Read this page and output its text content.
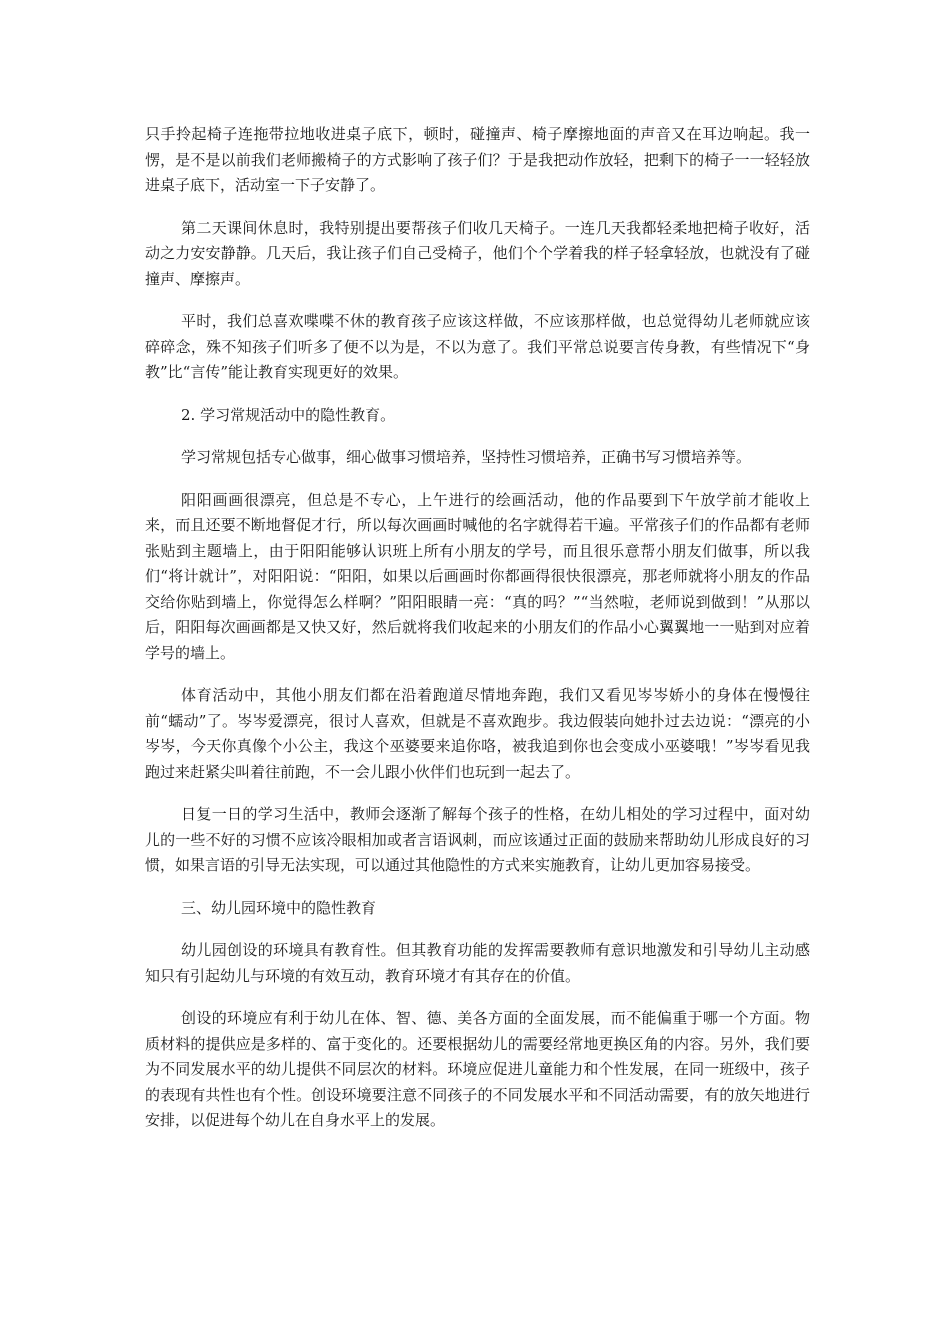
只手拎起椅子连拖带拉地收进桌子底下，顿时，碰撞声、椅子摩擦地面的声音又在耳边响起。我一愣，是不是以前我们老师搬椅子的方式影响了孩子们？于是我把动作放轻，把剩下的椅子一一轻轻放进桌子底下，活动室一下子安静了。

第二天课间休息时，我特别提出要帮孩子们收几天椅子。一连几天我都轻柔地把椅子收好，活动之力安安静静。几天后，我让孩子们自己受椅子，他们个个学着我的样子轻拿轻放，也就没有了碰撞声、摩擦声。

平时，我们总喜欢喋喋不休的教育孩子应该这样做，不应该那样做，也总觉得幼儿老师就应该碎碎念，殊不知孩子们听多了便不以为是，不以为意了。我们平常总说要言传身教，有些情况下“身教”比“言传”能让教育实现更好的效果。

2. 学习常规活动中的隐性教育。

学习常规包括专心做事，细心做事习惯培养，坚持性习惯培养，正确书写习惯培养等。

阳阳画画很漂亮，但总是不专心，上午进行的绘画活动，他的作品要到下午放学前才能收上来，而且还要不断地督促才行，所以每次画画时喊他的名字就得若干遍。平常孩子们的作品都有老师张贴到主题墙上，由于阳阳能够认识班上所有小朋友的学号，而且很乐意帮小朋友们做事，所以我们“将计就计”，对阳阳说：“阳阳，如果以后画画时你都画得很快很漂亮，那老师就将小朋友的作品交给你贴到墙上，你觉得怎么样啊？”阳阳眼睛一亮：“真的吗？”“当然啦，老师说到做到！”从那以后，阳阳每次画画都是又快又好，然后就将我们收起来的小朋友们的作品小心翼翼地一一贴到对应着学号的墙上。

体育活动中，其他小朋友们都在沿着跑道尽情地奔跑，我们又看见岑岑娇小的身体在慢慢往前“蠕动”了。岑岑爱漂亮，很讨人喜欢，但就是不喜欢跑步。我边假装向她扑过去边说：“漂亮的小岑岑，今天你真像个小公主，我这个巫婆要来追你咯，被我追到你也会变成小巫婆哦！”岑岑看见我跑过来赶紧尖叫着往前跑，不一会儿跟小伙伴们也玩到一起去了。

日复一日的学习生活中，教师会逐渐了解每个孩子的性格，在幼儿相处的学习过程中，面对幼儿的一些不好的习惯不应该冷眼相加或者言语讽刺，而应该通过正面的鼓励来帮助幼儿形成良好的习惯，如果言语的引导无法实现，可以通过其他隐性的方式来实施教育，让幼儿更加容易接受。

三、幼儿园环境中的隐性教育

幼儿园创设的环境具有教育性。但其教育功能的发挥需要教师有意识地激发和引导幼儿主动感知只有引起幼儿与环境的有效互动，教育环境才有其存在的价值。

创设的环境应有利于幼儿在体、智、德、美各方面的全面发展，而不能偏重于哪一个方面。物质材料的提供应是多样的、富于变化的。还要根据幼儿的需要经常地更换区角的内容。另外，我们要为不同发展水平的幼儿提供不同层次的材料。环境应促进儿童能力和个性发展，在同一班级中，孩子的表现有共性也有个性。创设环境要注意不同孩子的不同发展水平和不同活动需要，有的放矢地进行安排，以促进每个幼儿在自身水平上的发展。
